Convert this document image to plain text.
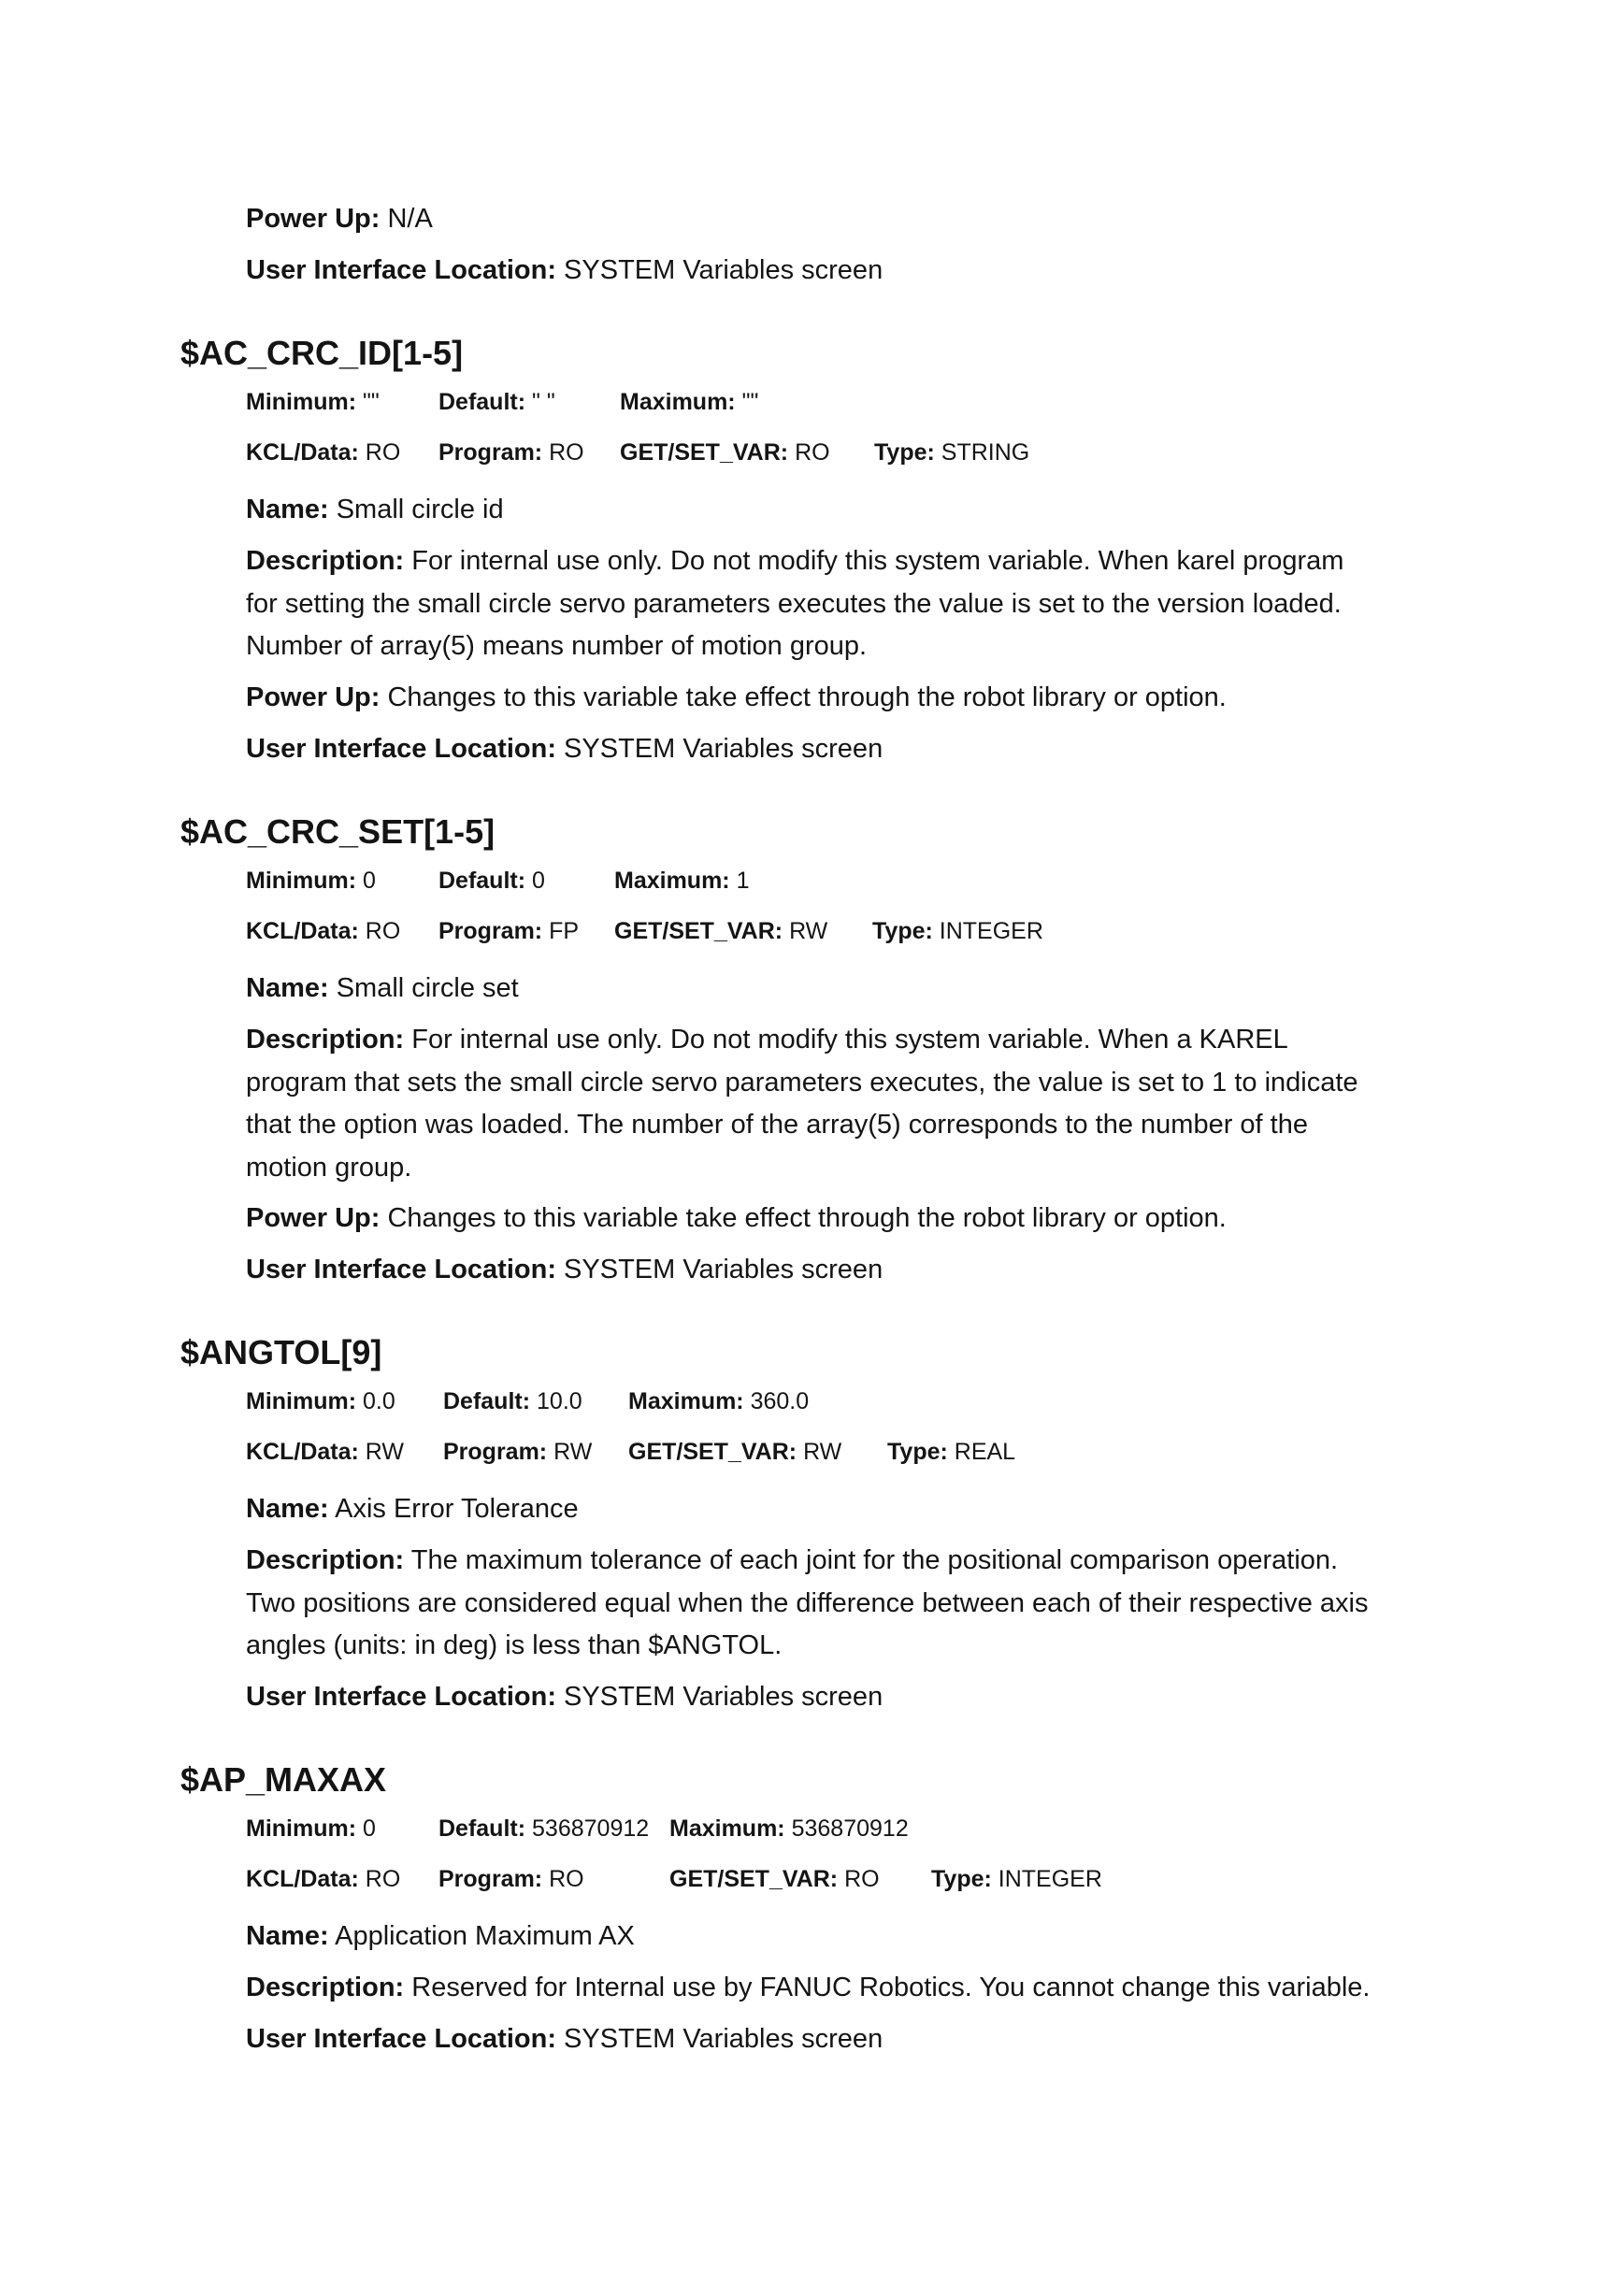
Power Up: N/A

User Interface Location: SYSTEM Variables screen

$AC_CRC_ID[1-5]
Minimum: ""	Default: " "	Maximum: ""
KCL/Data: RO Program: RO GET/SET_VAR: RO Type: STRING

Name: Small circle id

Description: For internal use only. Do not modify this system variable. When karel program
for setting the small circle servo parameters executes the value is set to the version loaded.
Number of array(5) means number of motion group.

Power Up: Changes to this variable take effect through the robot library or option.

User Interface Location: SYSTEM Variables screen

$AC_CRC_SET[1-5]
Minimum: 0	Default: 0	Maximum: 1
KCL/Data: RO Program: FP GET/SET_VAR: RW Type: INTEGER

Name: Small circle set

Description: For internal use only. Do not modify this system variable. When a KAREL
program that sets the small circle servo parameters executes, the value is set to 1 to indicate
that the option was loaded. The number of the array(5) corresponds to the number of the
motion group.

Power Up: Changes to this variable take effect through the robot library or option.

User Interface Location: SYSTEM Variables screen

$ANGTOL[9]
Minimum: 0.0 Default: 10.0 Maximum: 360.0
KCL/Data: RW Program: RW GET/SET_VAR: RW Type: REAL

Name: Axis Error Tolerance

Description: The maximum tolerance of each joint for the positional comparison operation.
Two positions are considered equal when the difference between each of their respective axis
angles (units: in deg) is less than $ANGTOL.

User Interface Location: SYSTEM Variables screen

$AP_MAXAX
Minimum: 0	Default: 536870912 Maximum: 536870912
KCL/Data: RO Program: RO	GET/SET_VAR: RO Type: INTEGER

Name: Application Maximum AX

Description: Reserved for Internal use by FANUC Robotics. You cannot change this variable.

User Interface Location: SYSTEM Variables screen
